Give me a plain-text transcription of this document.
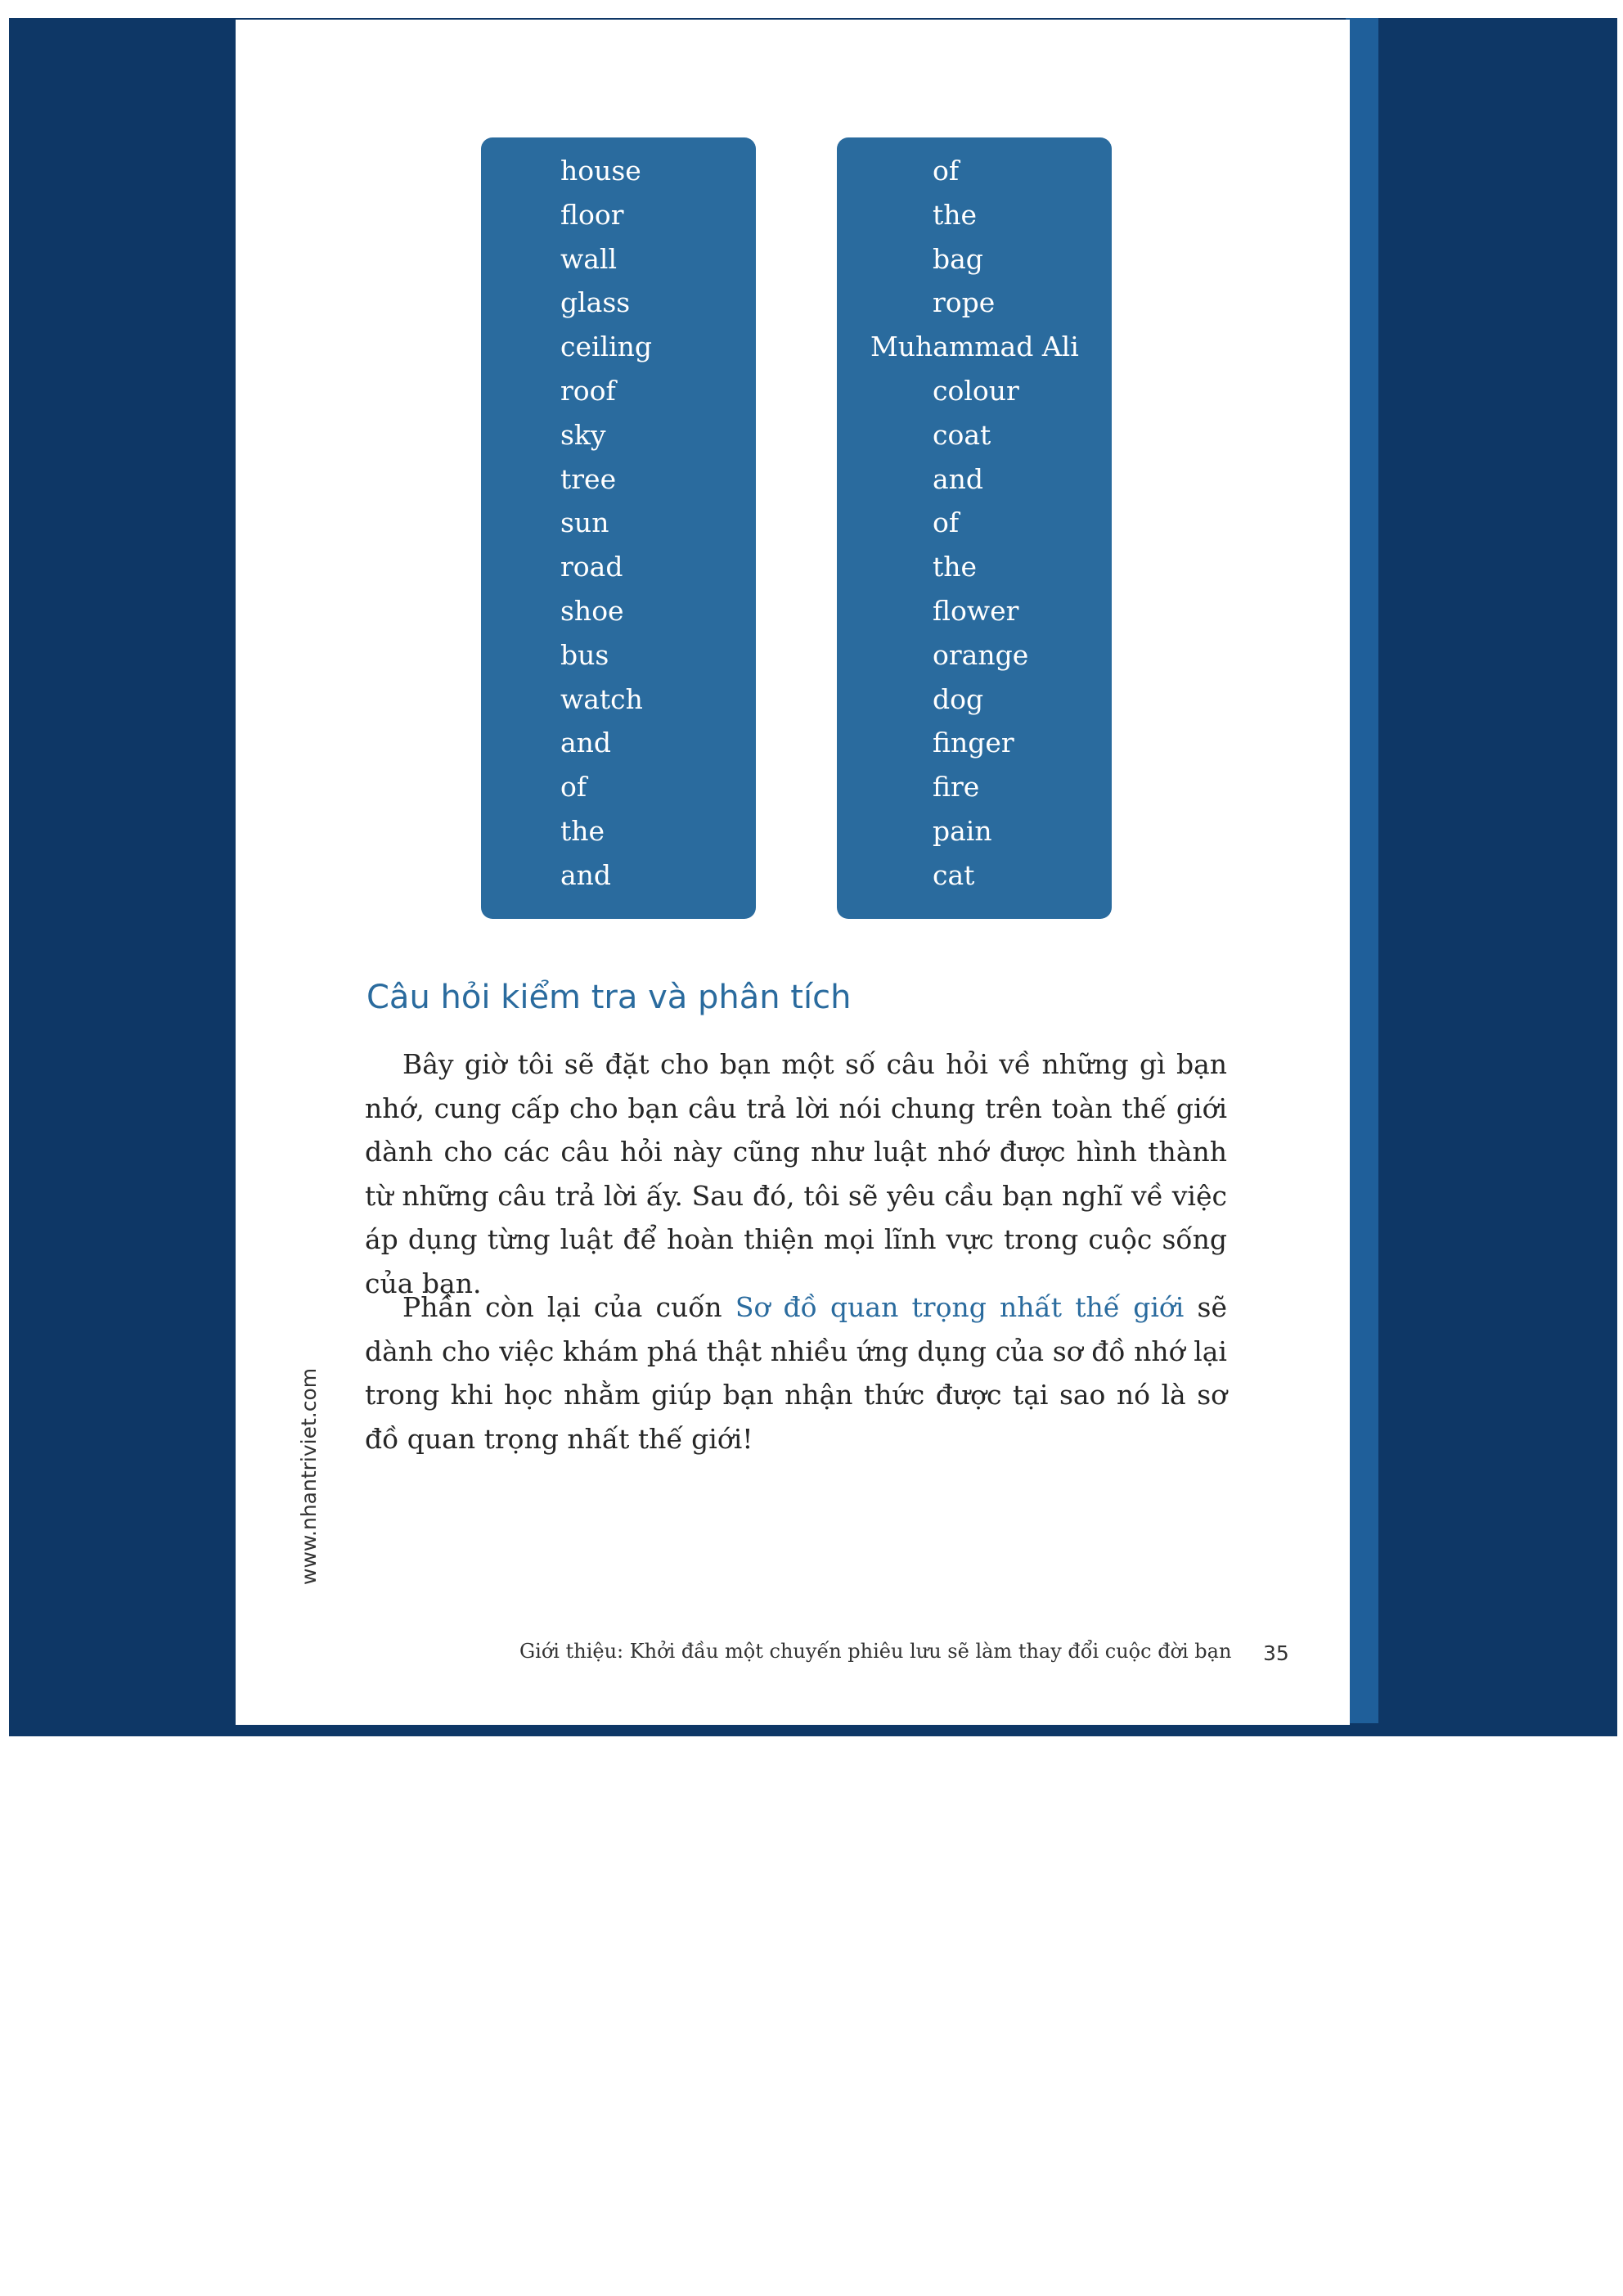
house
floor
wall
glass
ceiling
roof
sky
tree
sun
road
shoe
bus
watch
and
of
the
and
of
the
bag
rope
Muhammad Ali
colour
coat
and
of
the
flower
orange
dog
finger
fire
pain
cat
Câu hỏi kiểm tra và phân tích

Bây giờ tôi sẽ đặt cho bạn một số câu hỏi về những gì bạn nhớ, cung cấp cho bạn câu trả lời nói chung trên toàn thế giới dành cho các câu hỏi này cũng như luật nhớ được hình thành từ những câu trả lời ấy. Sau đó, tôi sẽ yêu cầu bạn nghĩ về việc áp dụng từng luật để hoàn thiện mọi lĩnh vực trong cuộc sống của bạn.

Phần còn lại của cuốn Sơ đồ quan trọng nhất thế giới sẽ dành cho việc khám phá thật nhiều ứng dụng của sơ đồ nhớ lại trong khi học nhằm giúp bạn nhận thức được tại sao nó là sơ đồ quan trọng nhất thế giới!

www.nhantriviet.com
Giới thiệu: Khởi đầu một chuyến phiêu lưu sẽ làm thay đổi cuộc đời bạn 35
